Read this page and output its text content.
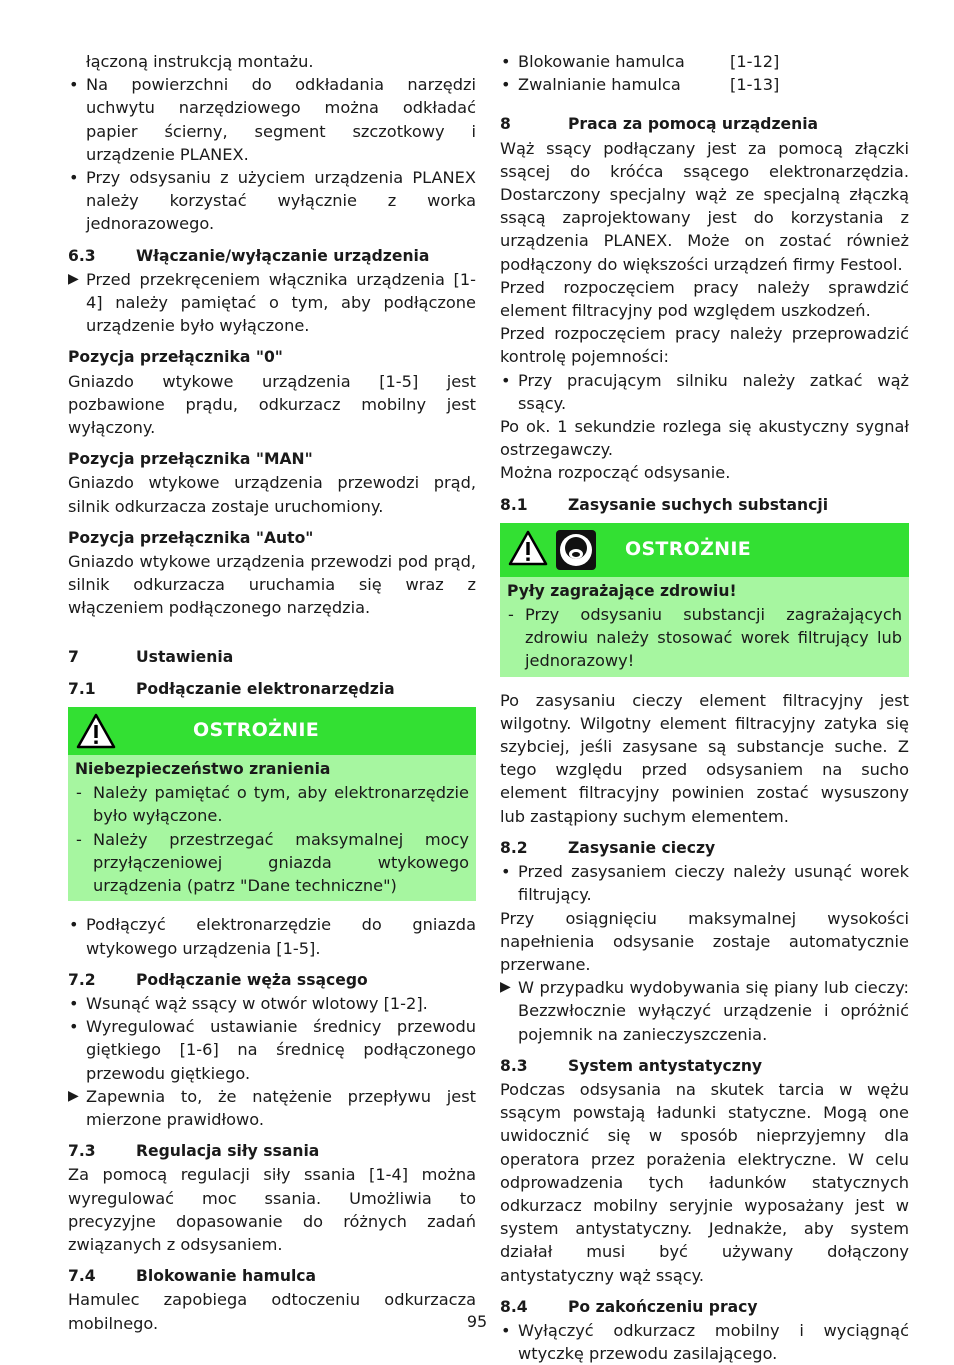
łączoną instrukcją montażu.

• Na powierzchni do odkładania narzędzi uchwytu narzędziowego można odkładać papier ścierny, segment szczotkowy i urządzenie PLANEX.

• Przy odsysaniu z użyciem urządzenia PLANEX należy korzystać wyłącznie z worka jednorazowego.

6.3	Włączanie/wyłączanie urządzenia

▶ Przed przekręceniem włącznika urządzenia [1-4] należy pamiętać o tym, aby podłączone urządzenie było wyłączone.

Pozycja przełącznika "0"

Gniazdo wtykowe urządzenia [1-5] jest pozbawione prądu, odkurzacz mobilny jest wyłączony.

Pozycja przełącznika "MAN"

Gniazdo wtykowe urządzenia przewodzi prąd, silnik odkurzacza zostaje uruchomiony.

Pozycja przełącznika "Auto"

Gniazdo wtykowe urządzenia przewodzi pod prąd, silnik odkurzacza uruchamia się wraz z włączeniem podłączonego narzędzia.

7	Ustawienia
7.1	Podłączanie elektronarzędzia
OSTROŻNIE

Niebezpieczeństwo zranienia

- Należy pamiętać o tym, aby elektronarzędzie było wyłączone.

- Należy przestrzegać maksymalnej mocy przyłączeniowej gniazda wtykowego urządzenia (patrz "Dane techniczne")

• Podłączyć elektronarzędzie do gniazda wtykowego urządzenia [1-5].

7.2	Podłączanie węża ssącego

• Wsunąć wąż ssący w otwór wlotowy [1-2].

• Wyregulować ustawianie średnicy przewodu giętkiego [1-6] na średnicę podłączonego przewodu giętkiego.

▶ Zapewnia to, że natężenie przepływu jest mierzone prawidłowo.

7.3	Regulacja siły ssania

Za pomocą regulacji siły ssania [1-4] można wyregulować moc ssania. Umożliwia to precyzyjne dopasowanie do różnych zadań związanych z odsysaniem.

7.4	Blokowanie hamulca

Hamulec zapobiega odtoczeniu odkurzacza mobilnego.

• Blokowanie hamulca	[1-12]

• Zwalnianie hamulca	[1-13]

8	Praca za pomocą urządzenia

Wąż ssący podłączany jest za pomocą złączki ssącej do króćca ssącego elektronarzędzia. Dostarczony specjalny wąż ze specjalną złączką ssącą zaprojektowany jest do korzystania z urządzenia PLANEX. Może on zostać również podłączony do większości urządzeń firmy Festool.

Przed rozpoczęciem pracy należy sprawdzić element filtracyjny pod względem uszkodzeń.

Przed rozpoczęciem pracy należy przeprowadzić kontrolę pojemności:

• Przy pracującym silniku należy zatkać wąż ssący.

Po ok. 1 sekundzie rozlega się akustyczny sygnał ostrzegawczy.

Można rozpocząć odsysanie.

8.1	Zasysanie suchych substancji
OSTROŻNIE

Pyły zagrażające zdrowiu!

- Przy odsysaniu substancji zagrażających zdrowiu należy stosować worek filtrujący lub jednorazowy!

Po zasysaniu cieczy element filtracyjny jest wilgotny. Wilgotny element filtracyjny zatyka się szybciej, jeśli zasysane są substancje suche. Z tego względu przed odsysaniem na sucho element filtracyjny powinien zostać wysuszony lub zastąpiony suchym elementem.

8.2	Zasysanie cieczy

• Przed zasysaniem cieczy należy usunąć worek filtrujący.

Przy osiągnięciu maksymalnej wysokości napełnienia odsysanie zostaje automatycznie przerwane.

▶ W przypadku wydobywania się piany lub cieczy: Bezzwłocznie wyłączyć urządzenie i opróżnić pojemnik na zanieczyszczenia.

8.3	System antystatyczny

Podczas odsysania na skutek tarcia w wężu ssącym powstają ładunki statyczne. Mogą one uwidocznić się w sposób nieprzyjemny dla operatora przez porażenia elektryczne. W celu odprowadzenia tych ładunków statycznych odkurzacz mobilny seryjnie wyposażany jest w system antystatyczny. Jednakże, aby system działał musi być używany dołączony antystatyczny wąż ssący.

8.4	Po zakończeniu pracy

• Wyłączyć odkurzacz mobilny i wyciągnąć wtyczkę przewodu zasilającego.

95
